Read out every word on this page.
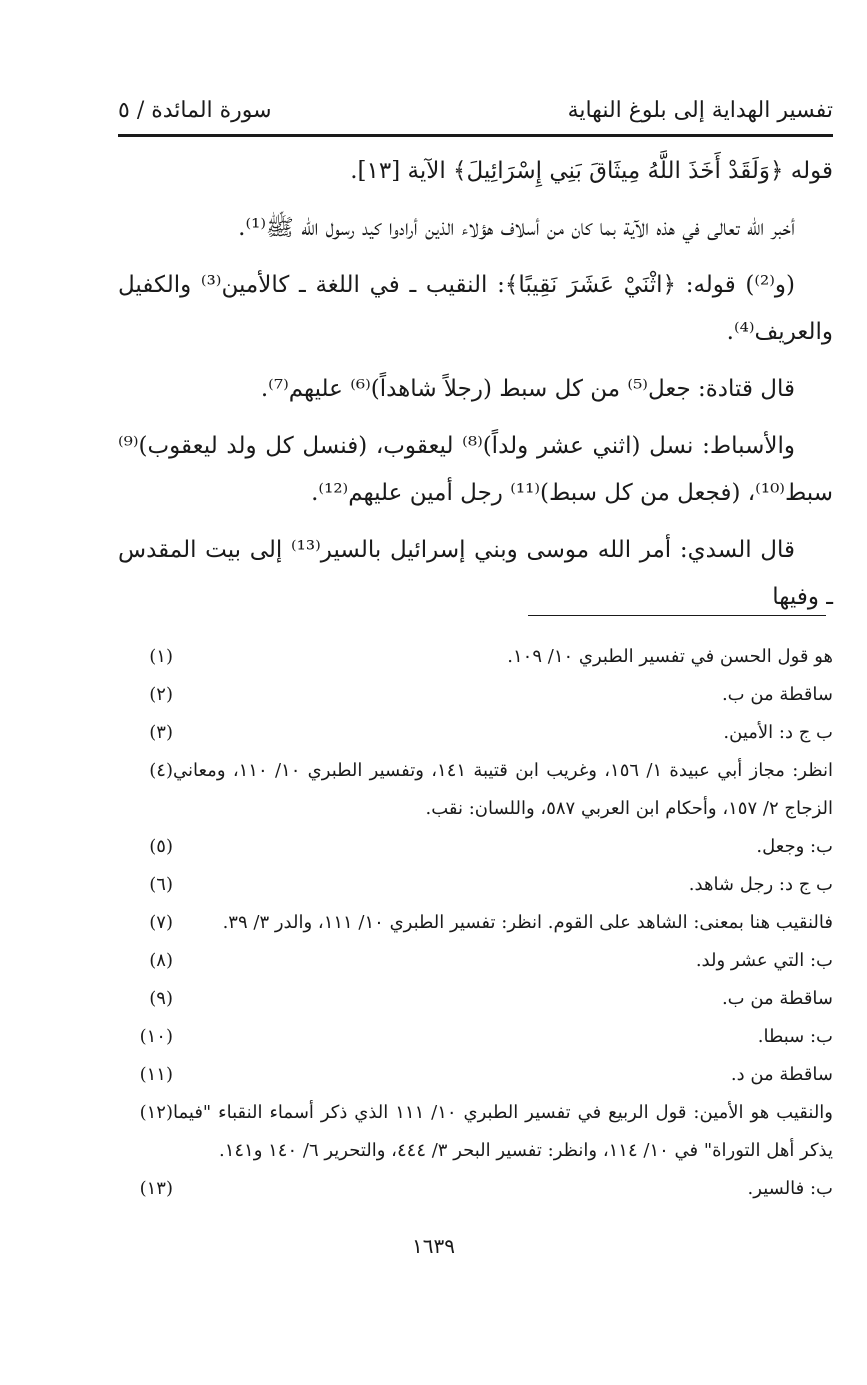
تفسير الهداية إلى بلوغ النهاية
سورة المائدة / ٥

قوله ﴿وَلَقَدْ أَخَذَ اللَّهُ مِيثَاقَ بَنِي إِسْرَائِيلَ﴾ الآية [١٣].

أخبر الله تعالى في هذه الآية بما كان من أسلاف هؤلاء الذين أرادوا كيد رسول الله ﷺ⁽¹⁾.

(و⁽²⁾) قوله: ﴿اثْنَيْ عَشَرَ نَقِيبًا﴾: النقيب ـ في اللغة ـ كالأمين⁽³⁾ والكفيل والعريف⁽⁴⁾.

قال قتادة: جعل⁽⁵⁾ من كل سبط (رجلاً شاهداً)⁽⁶⁾ عليهم⁽⁷⁾.

والأسباط: نسل (اثني عشر ولداً)⁽⁸⁾ ليعقوب، (فنسل كل ولد ليعقوب)⁽⁹⁾ سبط⁽¹⁰⁾، (فجعل من كل سبط)⁽¹¹⁾ رجل أمين عليهم⁽¹²⁾.

قال السدي: أمر الله موسى وبني إسرائيل بالسير⁽¹³⁾ إلى بيت المقدس ـ وفيها

(١)	هو قول الحسن في تفسير الطبري ١٠/ ١٠٩.
(٢)	ساقطة من ب.
(٣)	ب ج د: الأمين.
(٤) انظر: مجاز أبي عبيدة ١/ ١٥٦، وغريب ابن قتيبة ١٤١، وتفسير الطبري ١٠/ ١١٠، ومعاني الزجاج ٢/ ١٥٧، وأحكام ابن العربي ٥٨٧، واللسان: نقب.
(٥)	ب: وجعل.
(٦)	ب ج د: رجل شاهد.
(٧)	فالنقيب هنا بمعنى: الشاهد على القوم. انظر: تفسير الطبري ١٠/ ١١١، والدر ٣/ ٣٩.
(٨)	ب: التي عشر ولد.
(٩)	ساقطة من ب.
(١٠)	ب: سبطا.
(١١)	ساقطة من د.
(١٢) والنقيب هو الأمين: قول الربيع في تفسير الطبري ١٠/ ١١١ الذي ذكر أسماء النقباء "فيما يذكر أهل التوراة" في ١٠/ ١١٤، وانظر: تفسير البحر ٣/ ٤٤٤، والتحرير ٦/ ١٤٠ و١٤١.
(١٣)	ب: فالسير.
١٦٣٩
